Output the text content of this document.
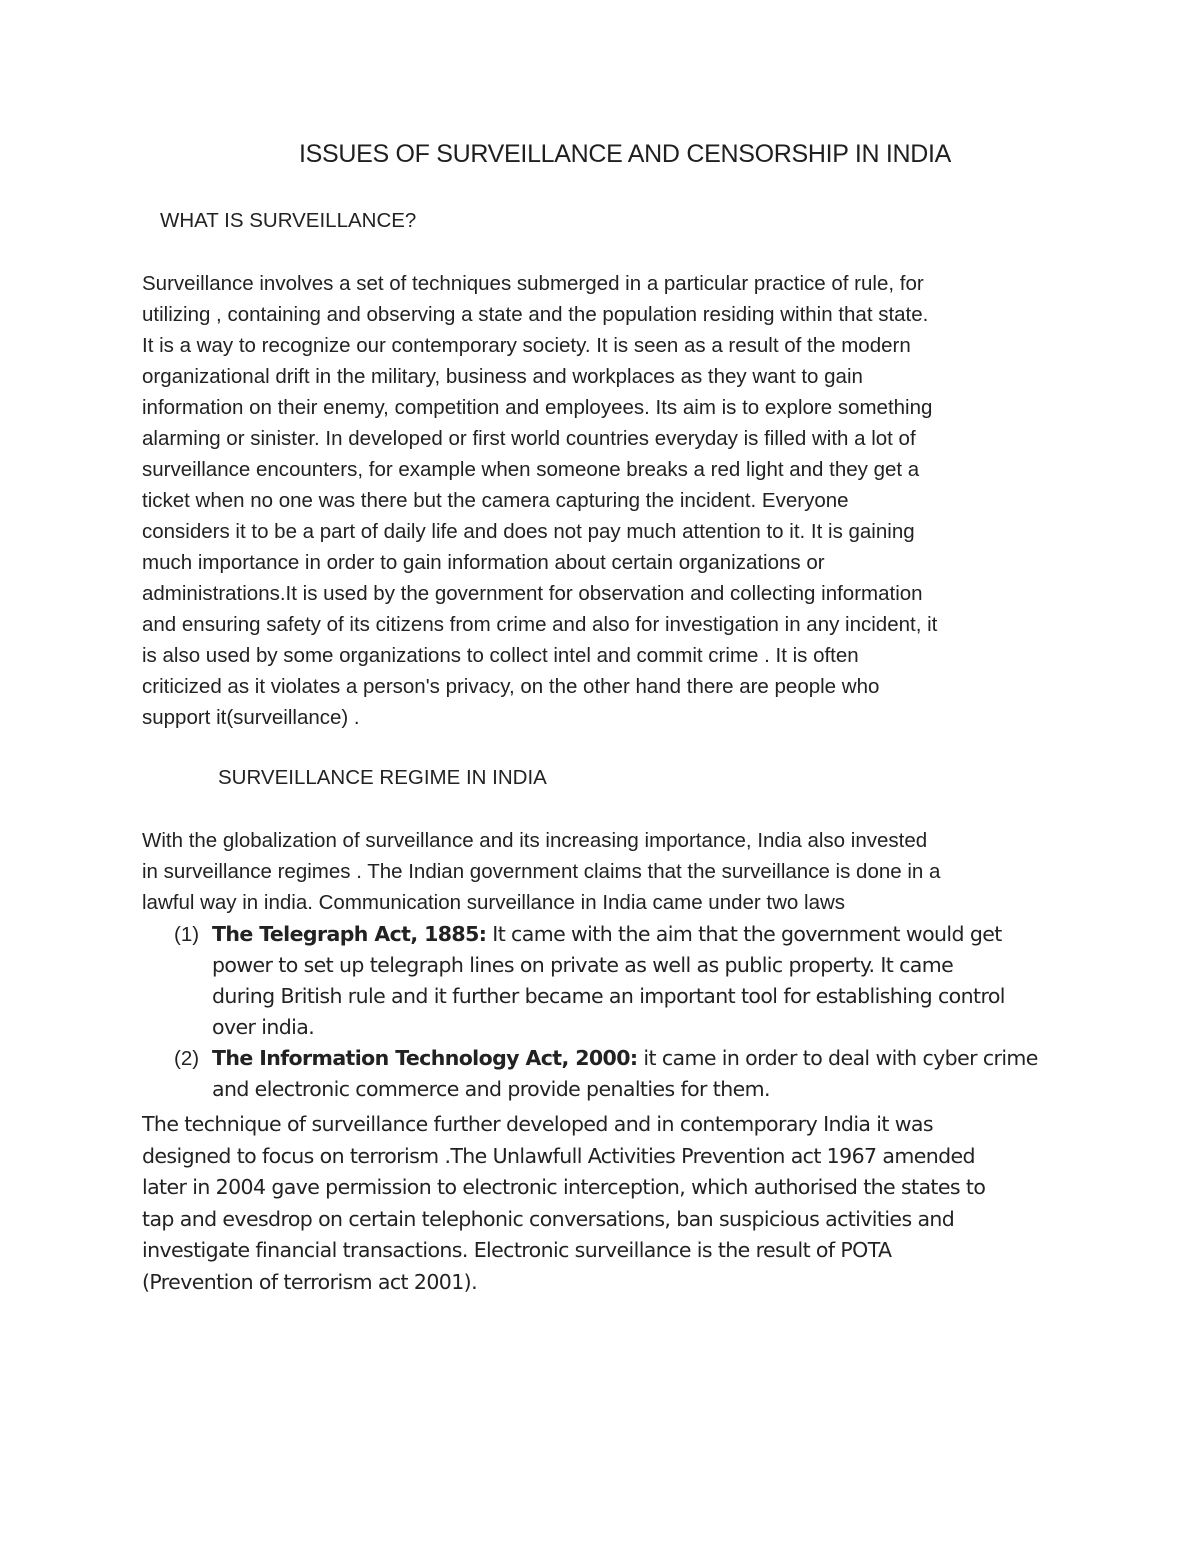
ISSUES OF SURVEILLANCE AND CENSORSHIP IN INDIA
WHAT IS SURVEILLANCE?
Surveillance involves a set of techniques submerged in a particular practice of rule, for
utilizing , containing and observing a state and the population residing within that state.
It is a way to recognize our contemporary society. It is seen as a result of the modern
organizational drift in the military, business and workplaces as they want to gain
information on their enemy, competition and employees. Its aim is to explore something
alarming or sinister. In developed or first world countries everyday is filled with a lot of
surveillance encounters, for example when someone breaks a red light and they get a
ticket when no one was there but the camera capturing the incident. Everyone
considers it to be a part of daily life and does not pay much attention to it. It is gaining
much importance in order to gain information about certain organizations or
administrations.It is used by the government for observation and collecting information
and ensuring safety of its citizens from crime and also for investigation in any incident, it
is also used by some organizations to collect intel and commit crime . It is often
criticized as it violates a person's privacy, on the other hand there are people who
support it(surveillance) .
SURVEILLANCE REGIME IN INDIA
With the globalization of surveillance and its increasing importance, India also invested
in surveillance regimes . The Indian government claims that the surveillance is done in a
lawful way in india. Communication surveillance in India came under two laws
(1) The Telegraph Act, 1885: It came with the aim that the government would get
power to set up telegraph lines on private as well as public property. It came
during British rule and it further became an important tool for establishing control
over india.
(2) The Information Technology Act, 2000: it came in order to deal with cyber crime
and electronic commerce and provide penalties for them.
The technique of surveillance further developed and in contemporary India it was
designed to focus on terrorism .The Unlawfull Activities Prevention act 1967 amended
later in 2004 gave permission to electronic interception, which authorised the states to
tap and evesdrop on certain telephonic conversations, ban suspicious activities and
investigate financial transactions. Electronic surveillance is the result of POTA
(Prevention of terrorism act 2001).
